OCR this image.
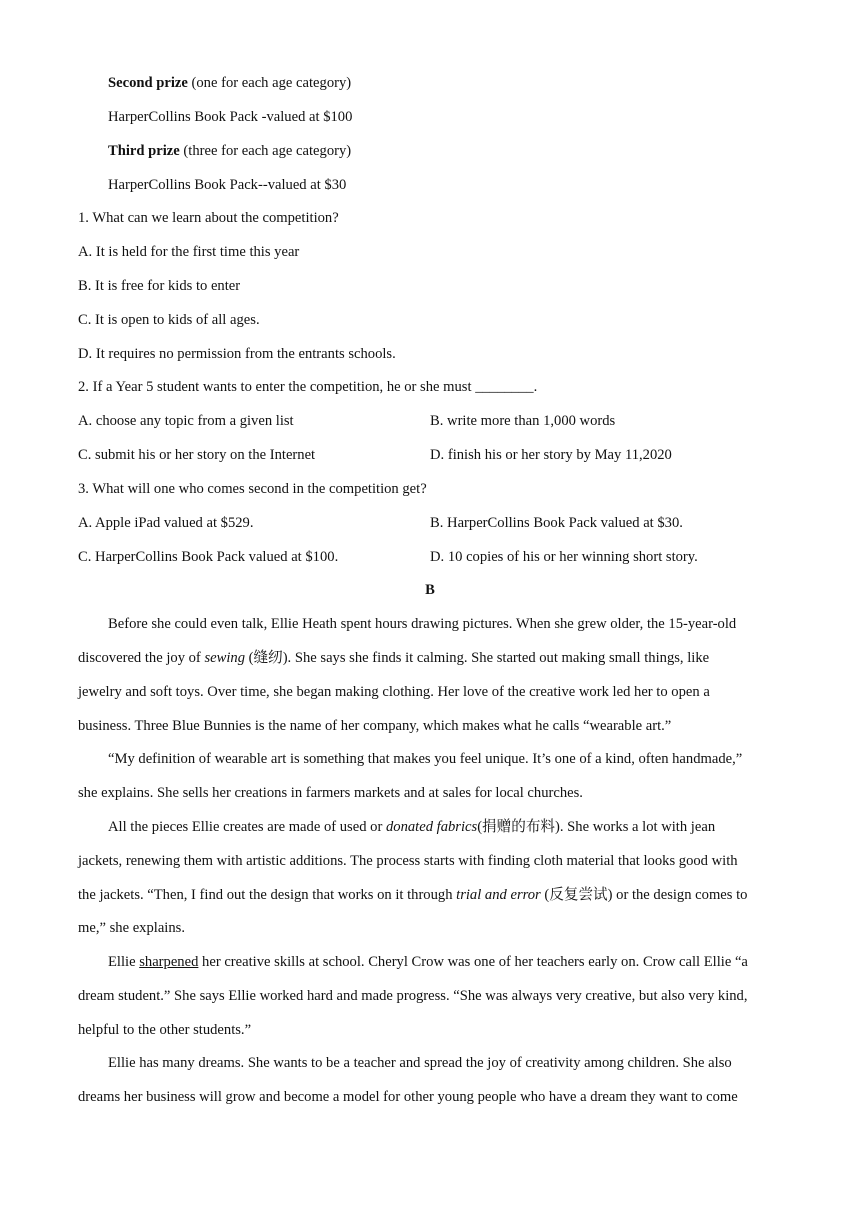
Second prize (one for each age category)
HarperCollins Book Pack -valued at $100
Third prize (three for each age category)
HarperCollins Book Pack--valued at $30
1. What can we learn about the competition?
A. It is held for the first time this year
B. It is free for kids to enter
C. It is open to kids of all ages.
D. It requires no permission from the entrants schools.
2. If a Year 5 student wants to enter the competition, he or she must ________.
A. choose any topic from a given list	B. write more than 1,000 words
C. submit his or her story on the Internet	D. finish his or her story by May 11,2020
3. What will one who comes second in the competition get?
A. Apple iPad valued at $529.	B. HarperCollins Book Pack valued at $30.
C. HarperCollins Book Pack valued at $100.	D. 10 copies of his or her winning short story.
B
Before she could even talk, Ellie Heath spent hours drawing pictures. When she grew older, the 15-year-old
discovered the joy of sewing (缝纫). She says she finds it calming. She started out making small things, like
jewelry and soft toys. Over time, she began making clothing. Her love of the creative work led her to open a
business. Three Blue Bunnies is the name of her company, which makes what he calls “wearable art.”
“My definition of wearable art is something that makes you feel unique. It’s one of a kind, often handmade,”
she explains. She sells her creations in farmers markets and at sales for local churches.
All the pieces Ellie creates are made of used or donated fabrics(捐赠的布料). She works a lot with jean
jackets, renewing them with artistic additions. The process starts with finding cloth material that looks good with
the jackets. “Then, I find out the design that works on it through trial and error (反复尝试) or the design comes to
me,” she explains.
Ellie sharpened her creative skills at school. Cheryl Crow was one of her teachers early on. Crow call Ellie “a
dream student.” She says Ellie worked hard and made progress. “She was always very creative, but also very kind,
helpful to the other students.”
Ellie has many dreams. She wants to be a teacher and spread the joy of creativity among children. She also
dreams her business will grow and become a model for other young people who have a dream they want to come
